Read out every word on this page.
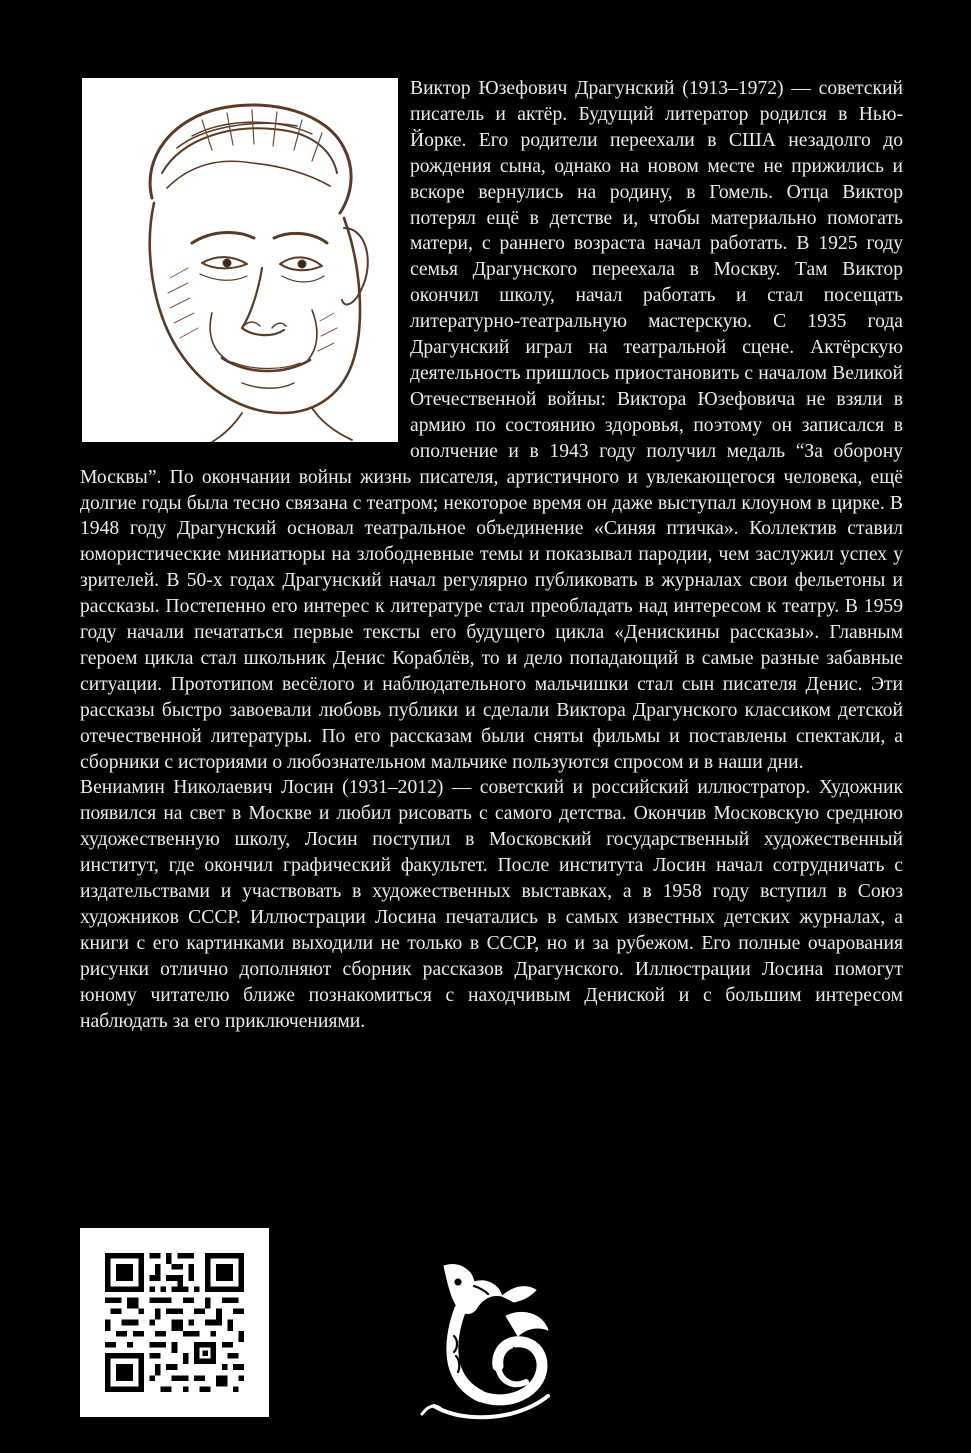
Виктор Юзефович Драгунский (1913–1972) — советский писатель и актёр. Будущий литератор родился в Нью-Йорке. Его родители переехали в США незадолго до рождения сына, однако на новом месте не прижились и вскоре вернулись на родину, в Гомель. Отца Виктор потерял ещё в детстве и, чтобы материально помогать матери, с раннего возраста начал работать. В 1925 году семья Драгунского переехала в Москву. Там Виктор окончил школу, начал работать и стал посещать литературно-театральную мастерскую. С 1935 года Драгунский играл на театральной сцене. Актёрскую деятельность пришлось приостановить с началом Великой Отечественной войны: Виктора Юзефовича не взяли в армию по состоянию здоровья, поэтому он записался в ополчение и в 1943 году получил медаль “За оборону Москвы”. По окончании войны жизнь писателя, артистичного и увлекающегося человека, ещё долгие годы была тесно связана с театром; некоторое время он даже выступал клоуном в цирке. В 1948 году Драгунский основал театральное объединение «Синяя птичка». Коллектив ставил юмористические миниатюры на злободневные темы и показывал пародии, чем заслужил успех у зрителей. В 50-х годах Драгунский начал регулярно публиковать в журналах свои фельетоны и рассказы. Постепенно его интерес к литературе стал преобладать над интересом к театру. В 1959 году начали печататься первые тексты его будущего цикла «Денискины рассказы». Главным героем цикла стал школьник Денис Кораблёв, то и дело попадающий в самые разные забавные ситуации. Прототипом весёлого и наблюдательного мальчишки стал сын писателя Денис. Эти рассказы быстро завоевали любовь публики и сделали Виктора Драгунского классиком детской отечественной литературы. По его рассказам были сняты фильмы и поставлены спектакли, а сборники с историями о любознательном мальчике пользуются спросом и в наши дни.

Вениамин Николаевич Лосин (1931–2012) — советский и российский иллюстратор. Художник появился на свет в Москве и любил рисовать с самого детства. Окончив Московскую среднюю художественную школу, Лосин поступил в Московский государственный художественный институт, где окончил графический факультет. После института Лосин начал сотрудничать с издательствами и участвовать в художественных выставках, а в 1958 году вступил в Союз художников СССР. Иллюстрации Лосина печатались в самых известных детских журналах, а книги с его картинками выходили не только в СССР, но и за рубежом. Его полные очарования рисунки отлично дополняют сборник рассказов Драгунского. Иллюстрации Лосина помогут юному читателю ближе познакомиться с находчивым Дениской и с большим интересом наблюдать за его приключениями.
